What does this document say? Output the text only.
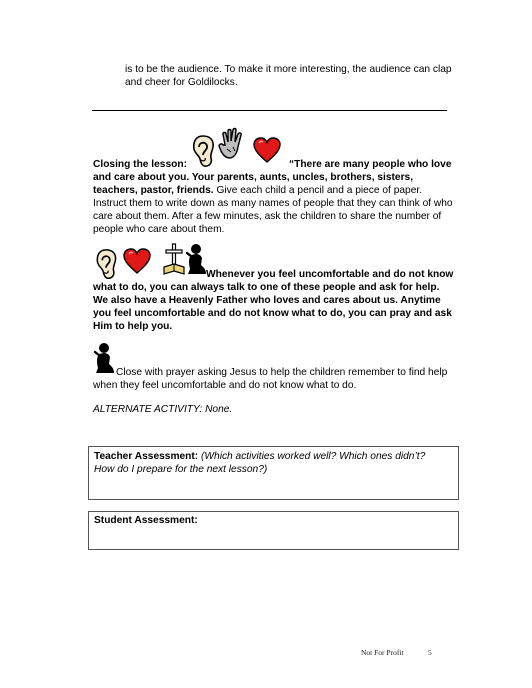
is to be the audience. To make it more interesting, the audience can clap

and cheer for Goldilocks.

Closing the lesson:	“There are many people who love

and care about you. Your parents, aunts, uncles, brothers, sisters,

teachers, pastor, friends. Give each child a pencil and a piece of paper.

Instruct them to write down as many names of people that they can think of who

care about them. After a few minutes, ask the children to share the number of

people who care about them.

Whenever you feel uncomfortable and do not know

what to do, you can always talk to one of these people and ask for help.

We also have a Heavenly Father who loves and cares about us. Anytime

you feel uncomfortable and do not know what to do, you can pray and ask

Him to help you.

Close with prayer asking Jesus to help the children remember to find help

when they feel uncomfortable and do not know what to do.

ALTERNATE ACTIVITY: None.

Teacher Assessment: (Which activities worked well? Which ones didn’t?

How do I prepare for the next lesson?)

Student Assessment:

Not For Profit	5
